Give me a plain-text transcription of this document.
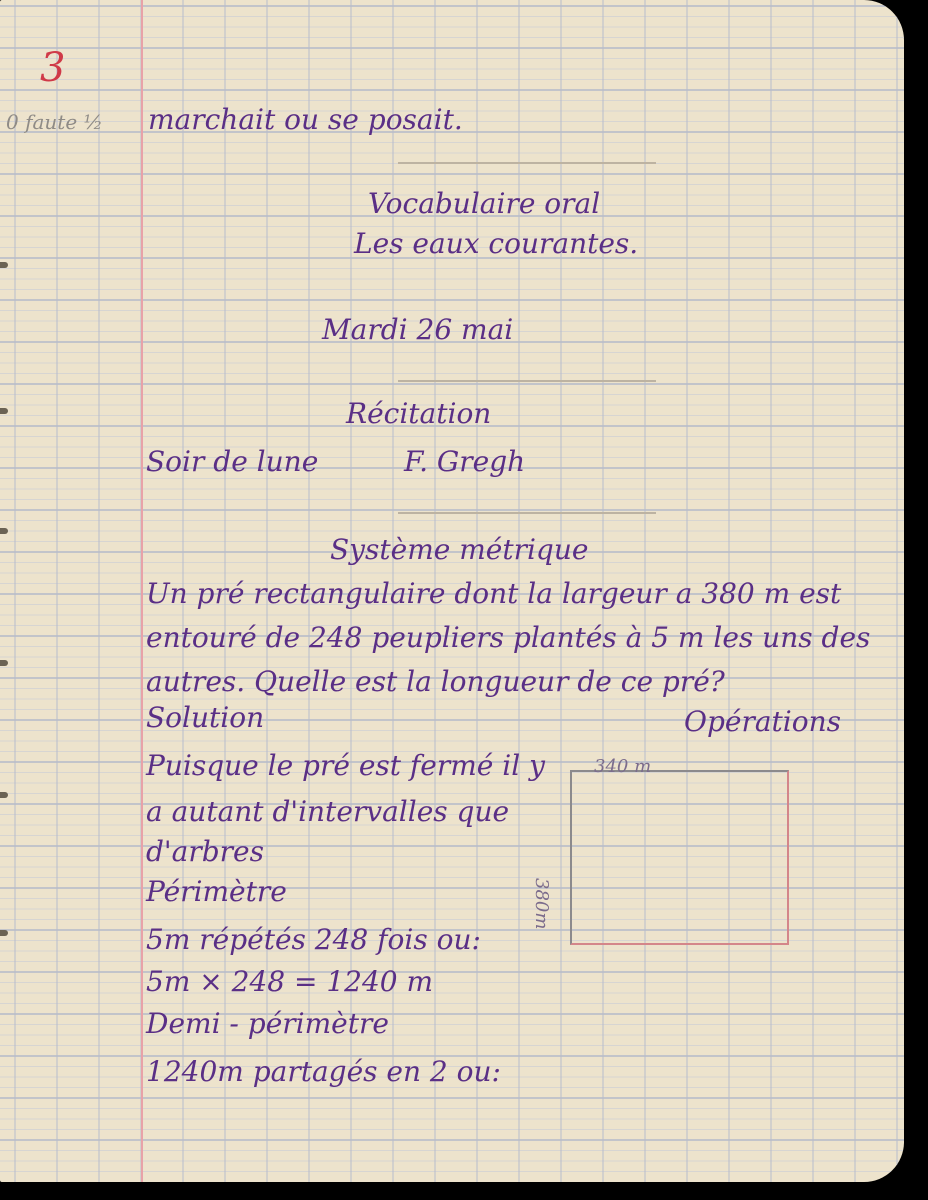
3
0 faute ½ marchait ou se posait.
Vocabulaire oral
Les eaux courantes.
Mardi 26 mai
Récitation
Soir de lune	F. Gregh
Système métrique
Un pré rectangulaire dont la largeur a 380 m est
entouré de 248 peupliers plantés à 5 m les uns des
autres. Quelle est la longueur de ce pré?
Solution	Opérations
Puisque le pré est fermé il y
a autant d'intervalles que
d'arbres
Périmètre
5m répétés 248 fois ou:
5m × 248 = 1240 m
Demi - périmètre
1240m partagés en 2 ou:
340 m
380m
